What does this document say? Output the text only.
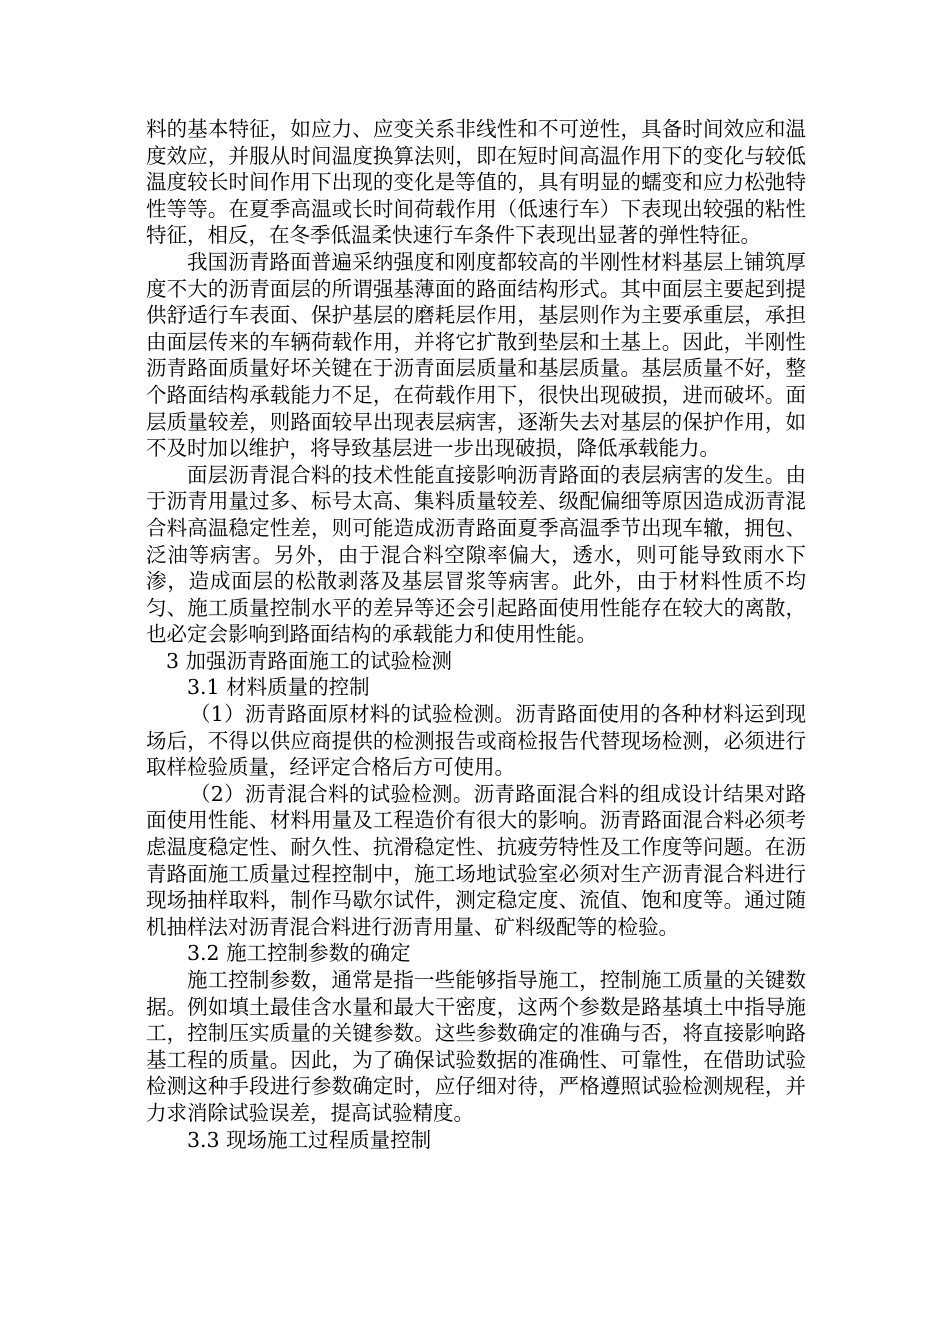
料的基本特征，如应力、应变关系非线性和不可逆性，具备时间效应和温度效应，并服从时间温度换算法则，即在短时间高温作用下的变化与较低温度较长时间作用下出现的变化是等值的，具有明显的蠕变和应力松弛特性等等。在夏季高温或长时间荷载作用（低速行车）下表现出较强的粘性特征，相反，在冬季低温柔快速行车条件下表现出显著的弹性特征。

我国沥青路面普遍采纳强度和刚度都较高的半刚性材料基层上铺筑厚度不大的沥青面层的所谓强基薄面的路面结构形式。其中面层主要起到提供舒适行车表面、保护基层的磨耗层作用，基层则作为主要承重层，承担由面层传来的车辆荷载作用，并将它扩散到垫层和土基上。因此，半刚性沥青路面质量好坏关键在于沥青面层质量和基层质量。基层质量不好，整个路面结构承载能力不足，在荷载作用下，很快出现破损，进而破坏。面层质量较差，则路面较早出现表层病害，逐渐失去对基层的保护作用，如不及时加以维护，将导致基层进一步出现破损，降低承载能力。

面层沥青混合料的技术性能直接影响沥青路面的表层病害的发生。由于沥青用量过多、标号太高、集料质量较差、级配偏细等原因造成沥青混合料高温稳定性差，则可能造成沥青路面夏季高温季节出现车辙，拥包、泛油等病害。另外，由于混合料空隙率偏大，透水，则可能导致雨水下渗，造成面层的松散剥落及基层冒浆等病害。此外，由于材料性质不均匀、施工质量控制水平的差异等还会引起路面使用性能存在较大的离散，也必定会影响到路面结构的承载能力和使用性能。

3 加强沥青路面施工的试验检测

3.1 材料质量的控制

（1）沥青路面原材料的试验检测。沥青路面使用的各种材料运到现场后，不得以供应商提供的检测报告或商检报告代替现场检测，必须进行取样检验质量，经评定合格后方可使用。

（2）沥青混合料的试验检测。沥青路面混合料的组成设计结果对路面使用性能、材料用量及工程造价有很大的影响。沥青路面混合料必须考虑温度稳定性、耐久性、抗滑稳定性、抗疲劳特性及工作度等问题。在沥青路面施工质量过程控制中，施工场地试验室必须对生产沥青混合料进行现场抽样取料，制作马歇尔试件，测定稳定度、流值、饱和度等。通过随机抽样法对沥青混合料进行沥青用量、矿料级配等的检验。

3.2 施工控制参数的确定

施工控制参数，通常是指一些能够指导施工，控制施工质量的关键数据。例如填土最佳含水量和最大干密度，这两个参数是路基填土中指导施工，控制压实质量的关键参数。这些参数确定的准确与否，将直接影响路基工程的质量。因此，为了确保试验数据的准确性、可靠性，在借助试验检测这种手段进行参数确定时，应仔细对待，严格遵照试验检测规程，并力求消除试验误差，提高试验精度。

3.3 现场施工过程质量控制
